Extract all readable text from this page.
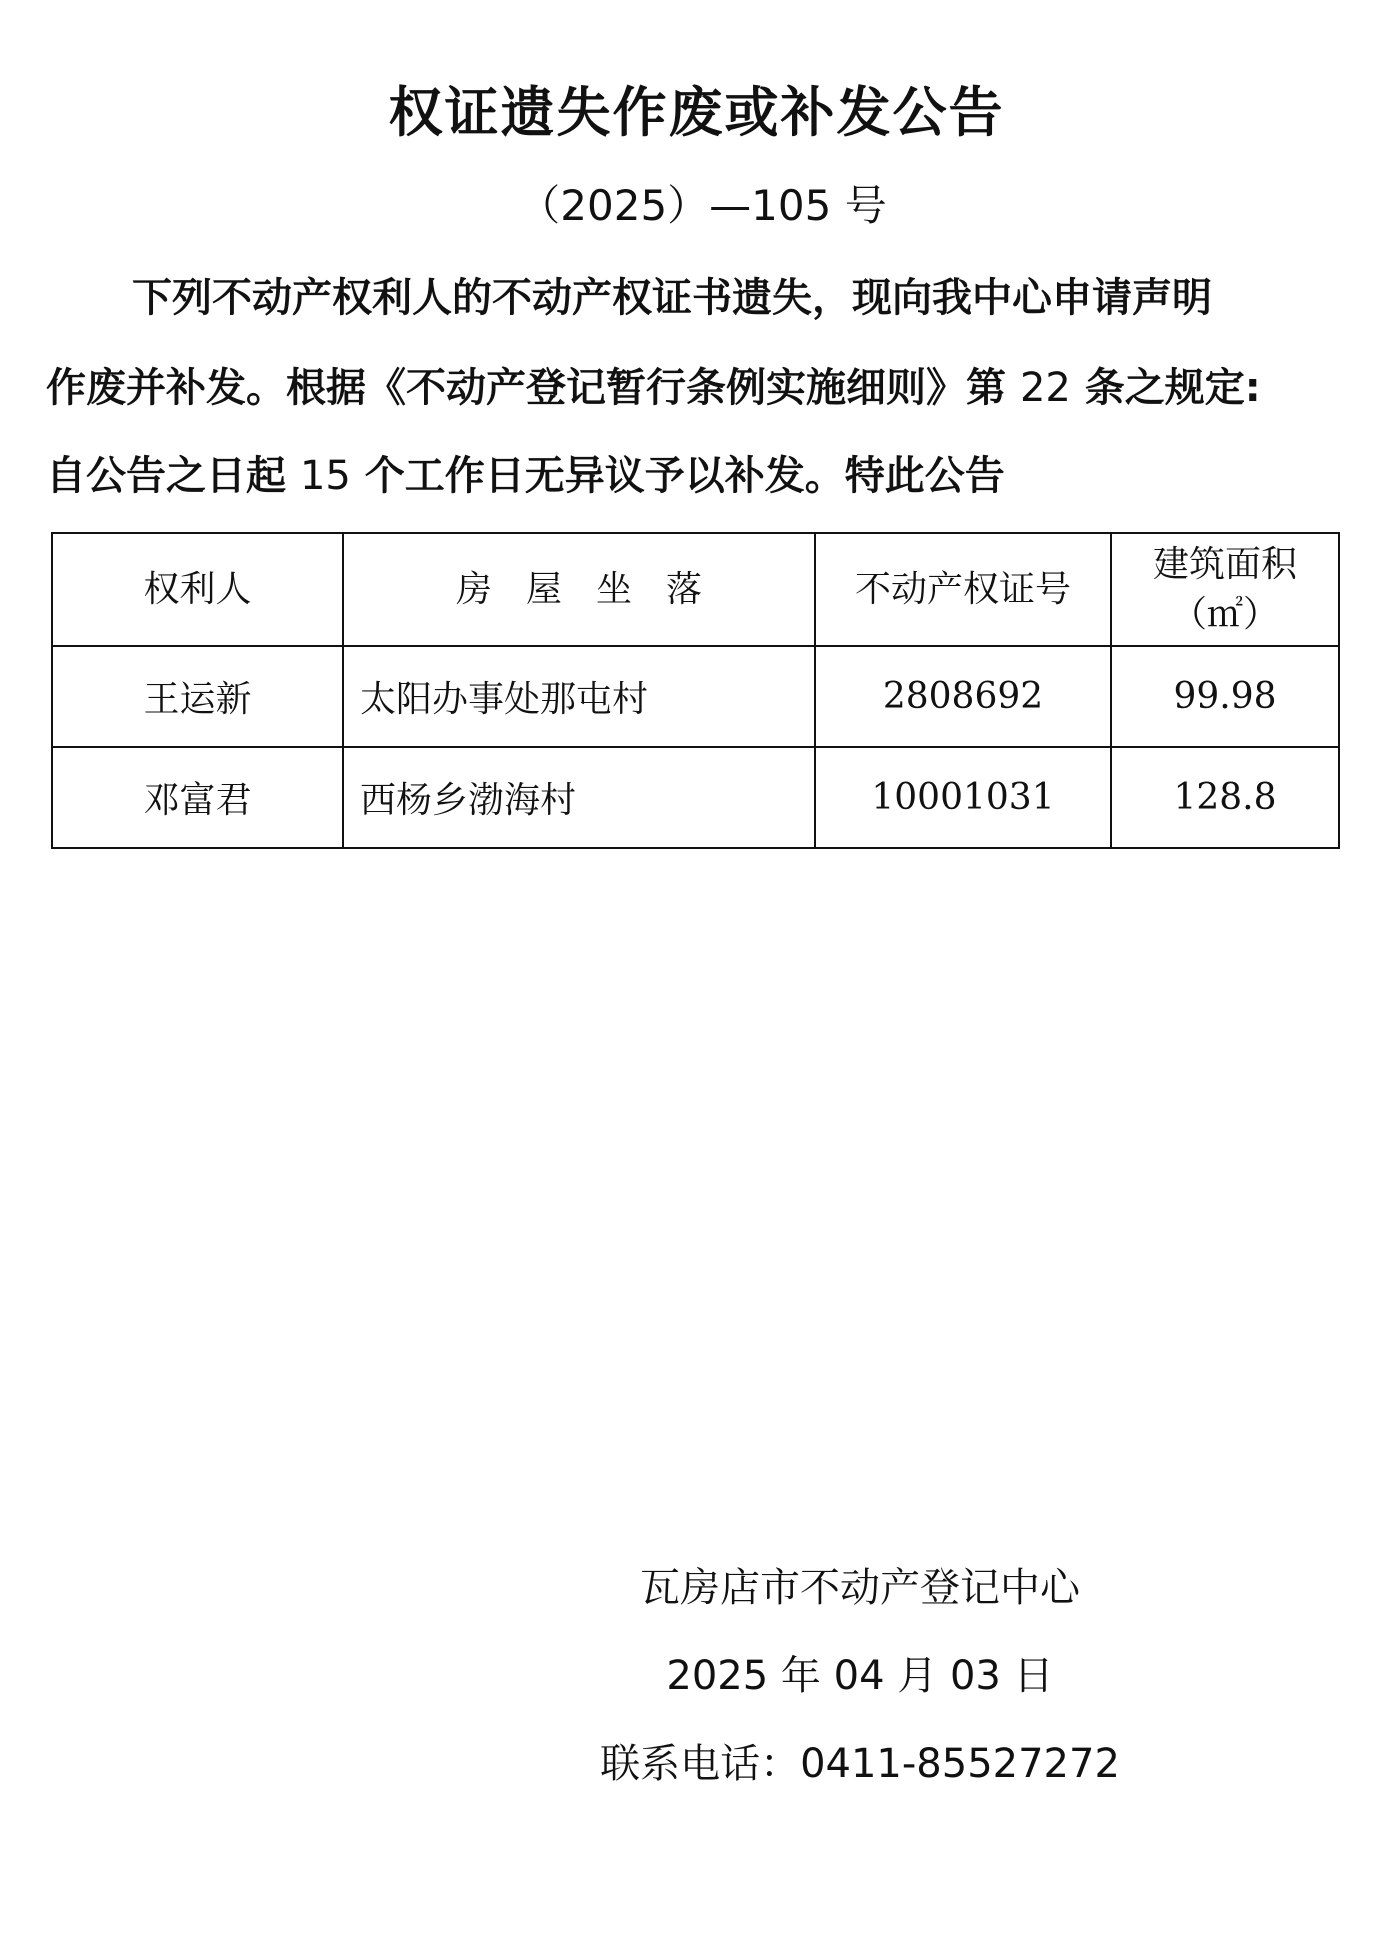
权证遗失作废或补发公告
（2025）—105 号
下列不动产权利人的不动产权证书遗失，现向我中心申请声明
作废并补发。根据《不动产登记暂行条例实施细则》第 22 条之规定:
自公告之日起 15 个工作日无异议予以补发。特此公告
权利人	房屋坐落	不动产权证号	建筑面积
（㎡）

王运新	太阳办事处那屯村	2808692	99.98
邓富君	西杨乡渤海村	10001031	128.8
瓦房店市不动产登记中心
2025 年 04 月 03 日
联系电话：0411-85527272
